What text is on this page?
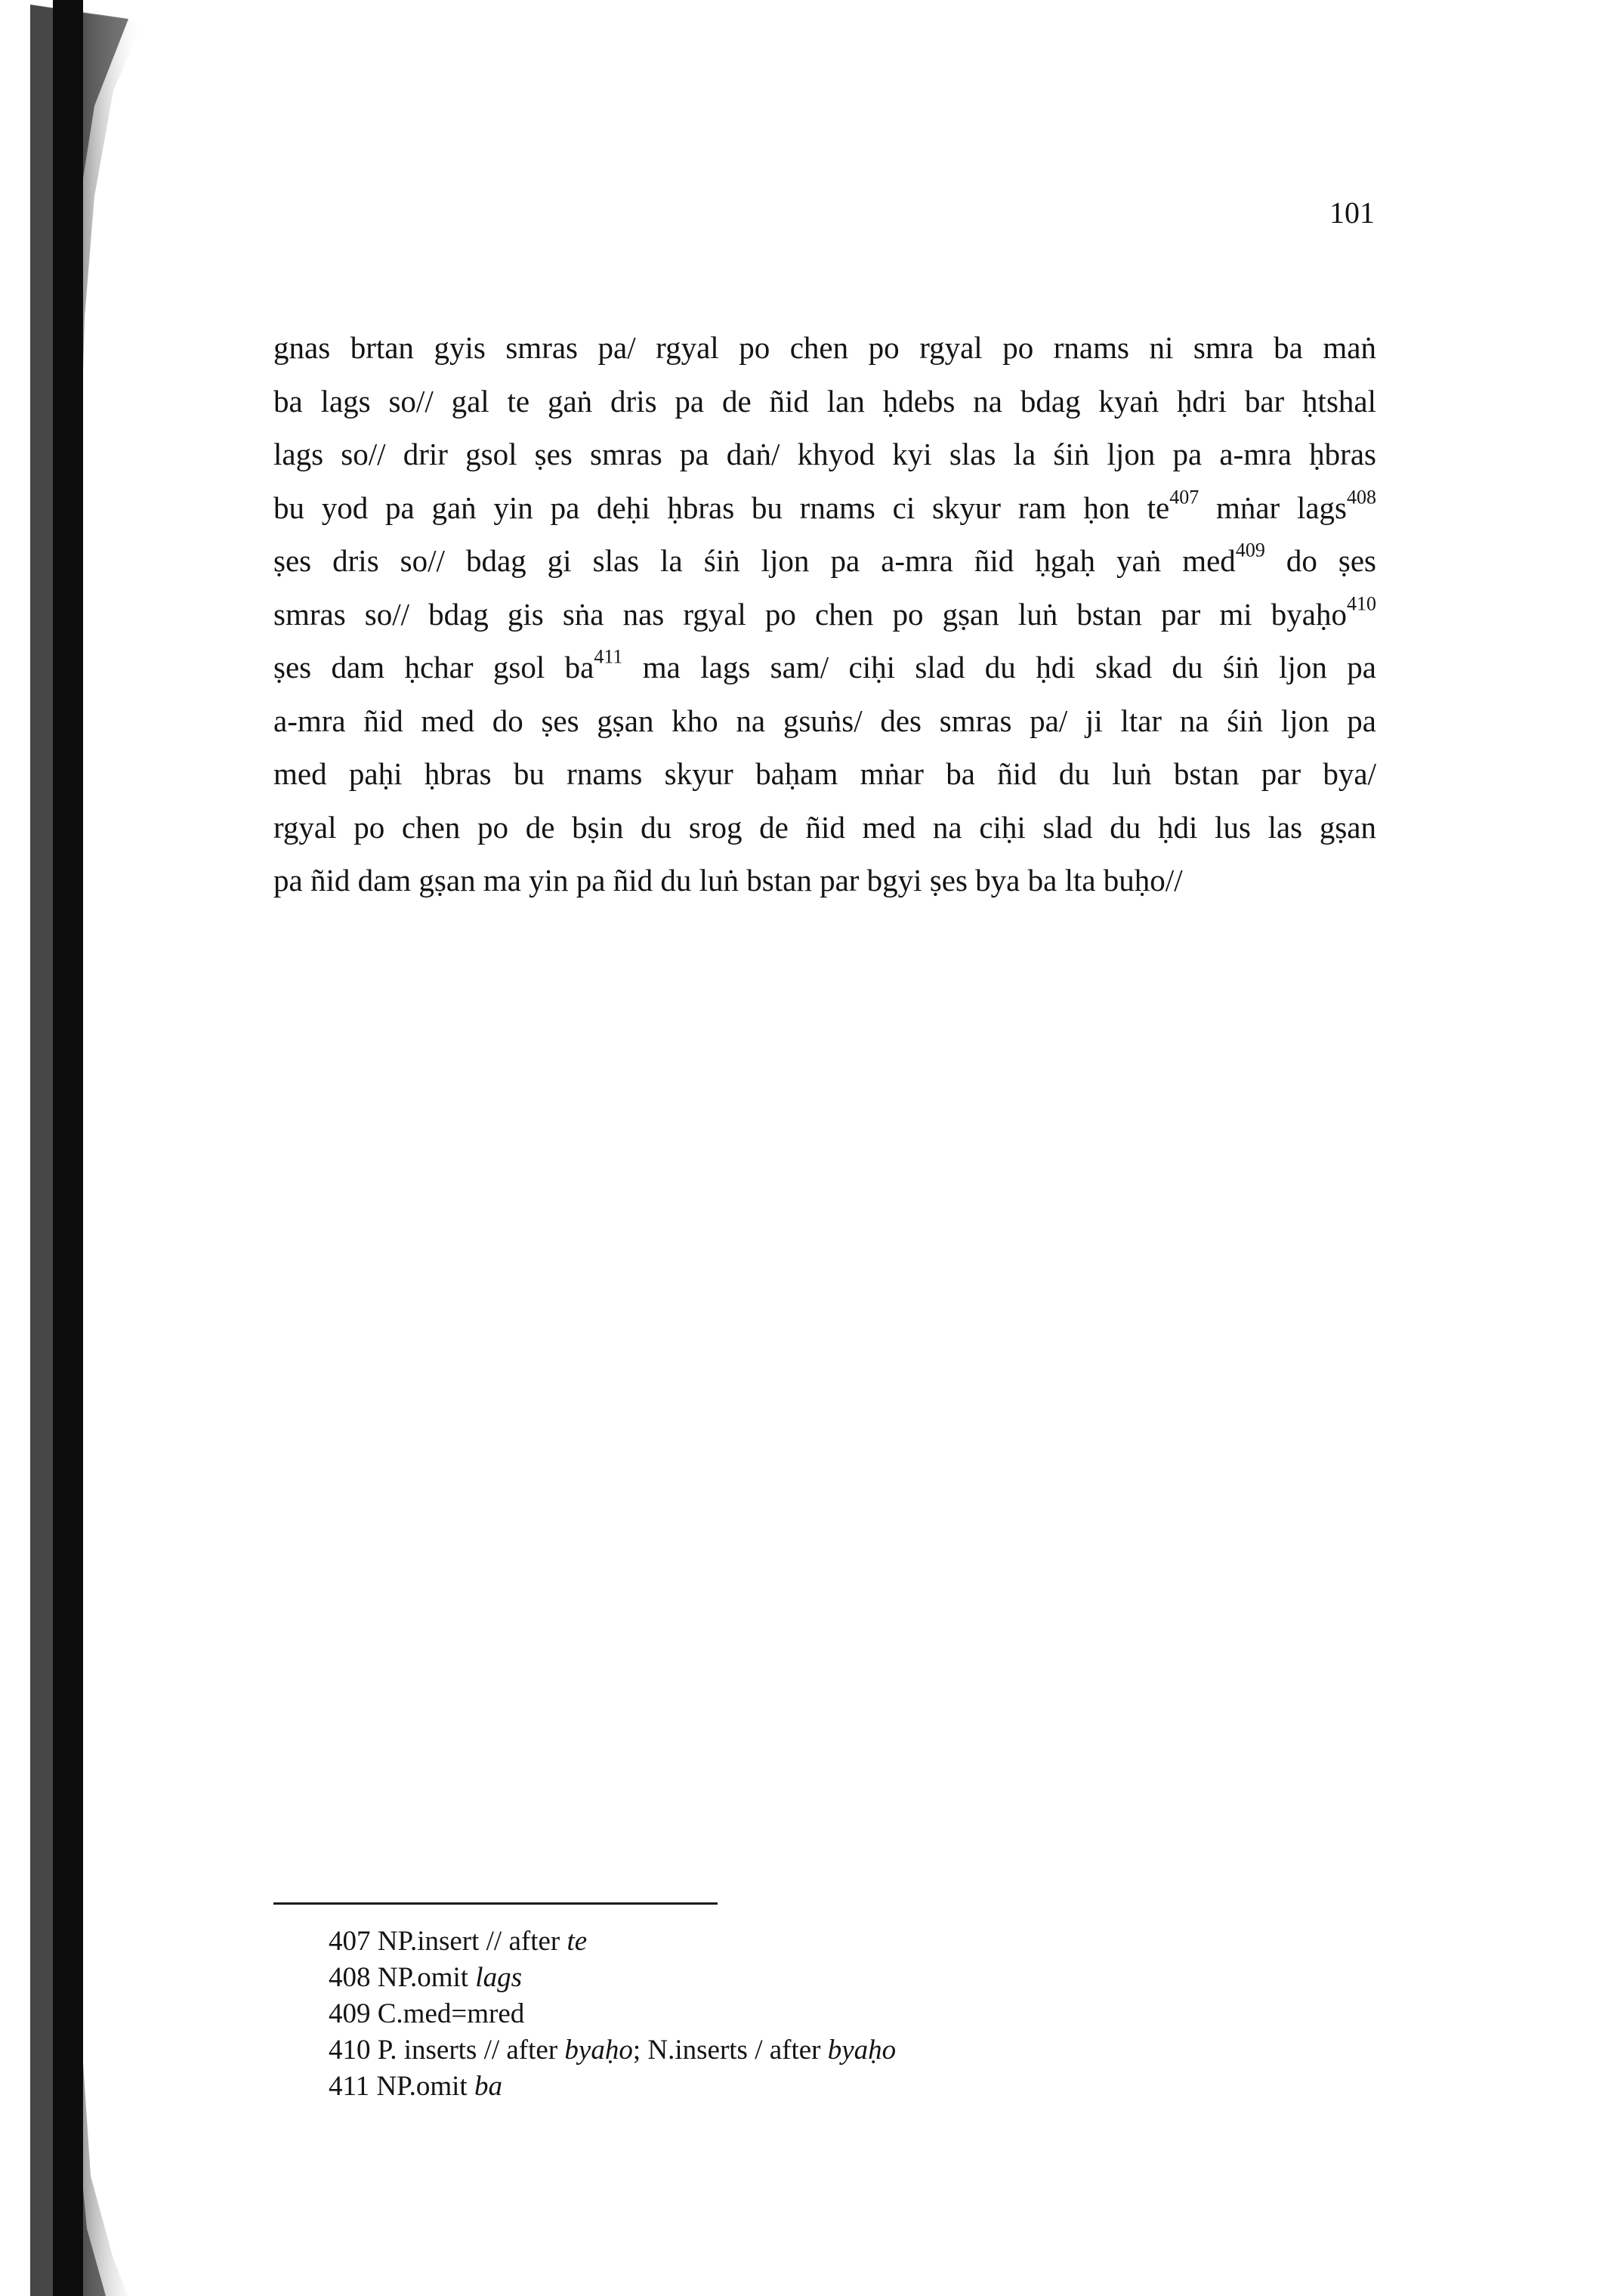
101
gnas brtan gyis smras pa/ rgyal po chen po rgyal po rnams ni smra ba maṅ
ba lags so// gal te gaṅ dris pa de ñid lan ḥdebs na bdag kyaṅ ḥdri bar ḥtshal
lags so// drir gsol ṣes smras pa daṅ/ khyod kyi slas la śiṅ ljon pa a-mra ḥbras
bu yod pa gaṅ yin pa deḥi ḥbras bu rnams ci skyur ram ḥon te$^{407}$ mṅar lags$^{408}$
ṣes dris so// bdag gi slas la śiṅ ljon pa a-mra ñid ḥgaḥ yaṅ med$^{409}$ do ṣes
smras so// bdag gis sṅa nas rgyal po chen po gṣan luṅ bstan par mi byaḥo$^{410}$
ṣes dam ḥchar gsol ba$^{411}$ ma lags sam/ ciḥi slad du ḥdi skad du śiṅ ljon pa
a-mra ñid med do ṣes gṣan kho na gsuṅs/ des smras pa/ ji ltar na śiṅ ljon pa
med paḥi ḥbras bu rnams skyur baḥam mṅar ba ñid du luṅ bstan par bya/
rgyal po chen po de bṣin du srog de ñid med na ciḥi slad du ḥdi lus las gṣan
pa ñid dam gṣan ma yin pa ñid du luṅ bstan par bgyi ṣes bya ba lta buḥo//
407 NP.insert // after te
408 NP.omit lags
409 C.med=mred
410 P. inserts // after byaḥo; N.inserts / after byaḥo
411 NP.omit ba
